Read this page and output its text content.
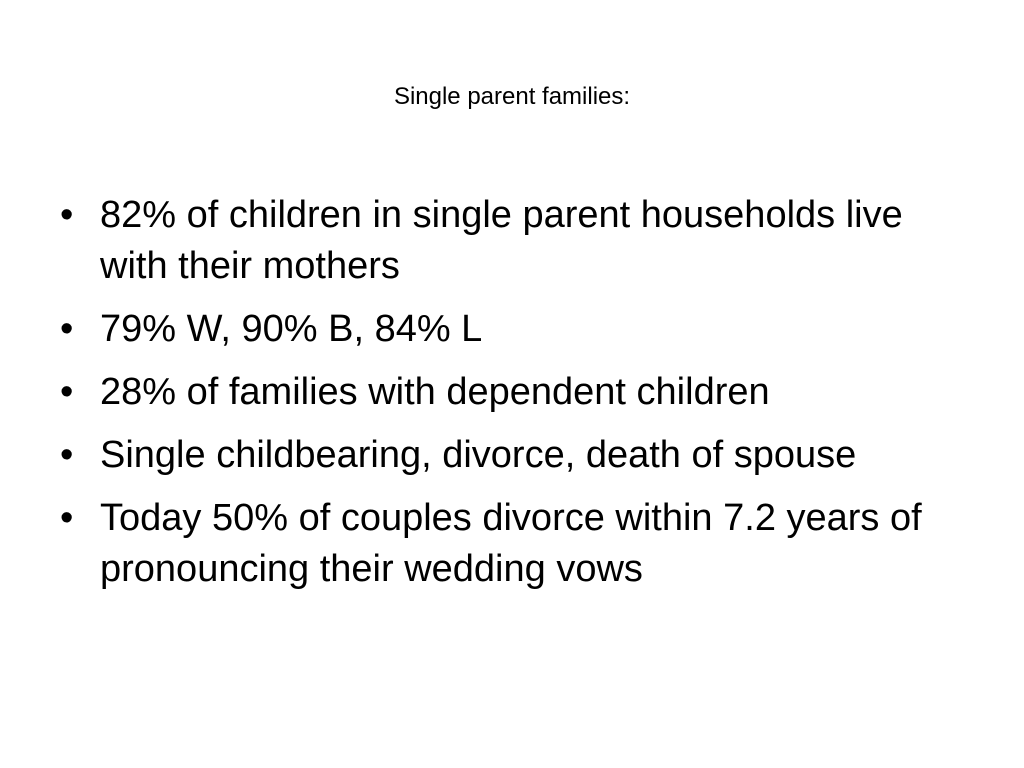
Single parent families:
• 82% of children in single parent households live with their mothers
• 79% W, 90% B, 84% L
• 28% of families with dependent children
• Single childbearing, divorce, death of spouse
• Today 50% of couples divorce within 7.2 years of pronouncing their wedding vows
